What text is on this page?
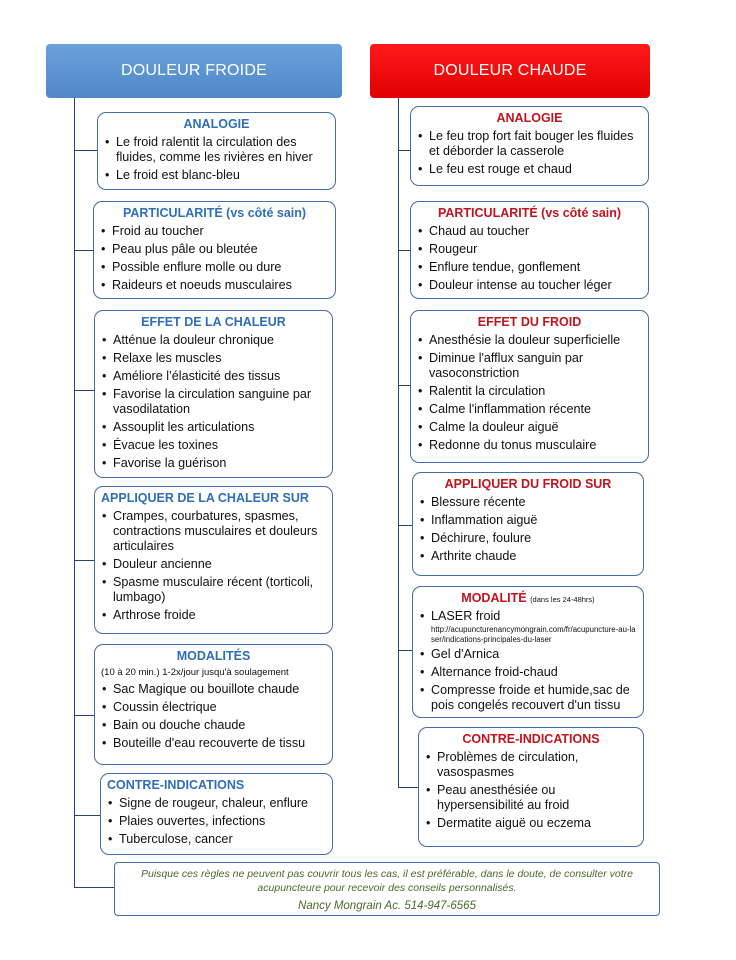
DOULEUR FROIDE	DOULEUR CHAUDE
ANALOGIE
• Le froid ralentit la circulation des fluides, comme les rivières en hiver
• Le froid est blanc-bleu
PARTICULARITÉ (vs côté sain)
• Froid au toucher
• Peau plus pâle ou bleutée
• Possible enflure molle ou dure
• Raideurs et noeuds musculaires
EFFET DE LA CHALEUR
• Atténue la douleur chronique
• Relaxe les muscles
• Améliore l’élasticité des tissus
• Favorise la circulation sanguine par vasodilatation
• Assouplit les articulations
• Évacue les toxines
• Favorise la guérison
APPLIQUER DE LA CHALEUR SUR
• Crampes, courbatures, spasmes, contractions musculaires et douleurs articulaires
• Douleur ancienne
• Spasme musculaire récent (torticoli, lumbago)
• Arthrose froide
MODALITÉS
(10 à 20 min.) 1-2x/jour jusqu'à soulagement
• Sac Magique ou bouillote chaude
• Coussin électrique
• Bain ou douche chaude
• Bouteille d'eau recouverte de tissu
CONTRE-INDICATIONS
• Signe de rougeur, chaleur, enflure
• Plaies ouvertes, infections
• Tuberculose, cancer
ANALOGIE
• Le feu trop fort fait bouger les fluides et déborder la casserole
• Le feu est rouge et chaud
PARTICULARITÉ (vs côté sain)
• Chaud au toucher
• Rougeur
• Enflure tendue, gonflement
• Douleur intense au toucher léger
EFFET DU FROID
• Anesthésie la douleur superficielle
• Diminue l'afflux sanguin par vasoconstriction
• Ralentit la circulation
• Calme l'inflammation récente
• Calme la douleur aiguë
• Redonne du tonus musculaire
APPLIQUER DU FROID SUR
• Blessure récente
• Inflammation aiguë
• Déchirure, foulure
• Arthrite chaude
MODALITÉ (dans les 24-48hrs)
• LASER froid
http://acupuncturenancymongrain.com/fr/acupuncture-au-laser/indications-principales-du-laser
• Gel d'Arnica
• Alternance froid-chaud
• Compresse froide et humide,sac de pois congelés recouvert d'un tissu
CONTRE-INDICATIONS
• Problèmes de circulation, vasospasmes
• Peau anesthésiée ou hypersensibilité au froid
• Dermatite aiguë ou eczema
Puisque ces règles ne peuvent pas couvrir tous les cas, il est préférable, dans le doute, de consulter votre acupuncteure pour recevoir des conseils personnalisés.
Nancy Mongrain Ac. 514-947-6565
